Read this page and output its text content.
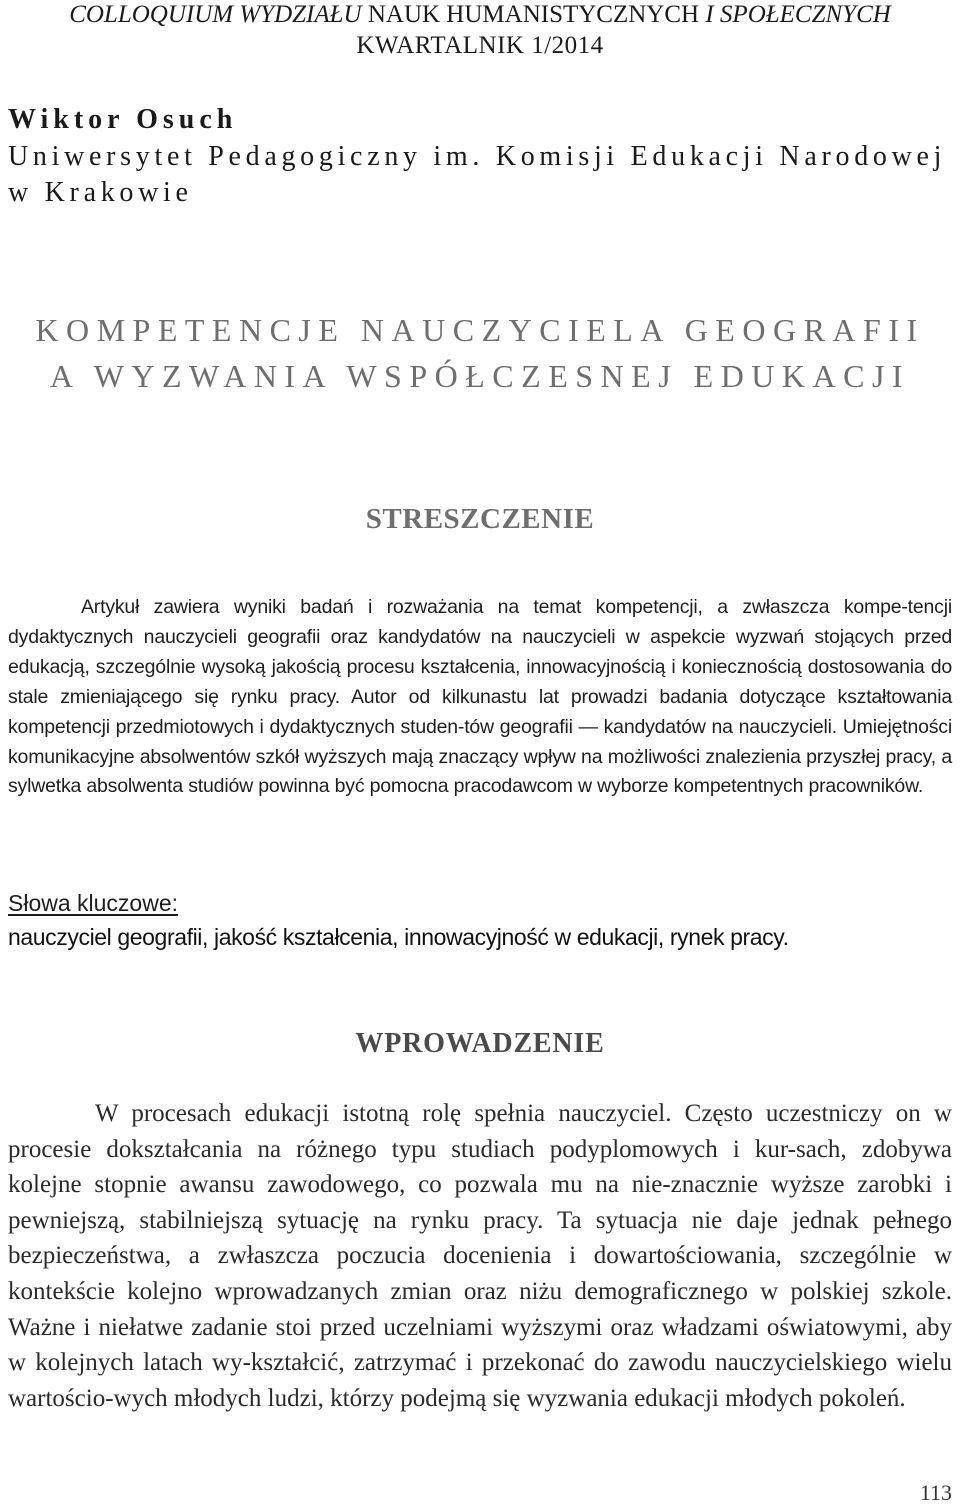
COLLOQUIUM WYDZIAŁU NAUK HUMANISTYCZNYCH I SPOŁECZNYCH
KWARTALNIK 1/2014
Wiktor Osuch
Uniwersytet Pedagogiczny im. Komisji Edukacji Narodowej
w Krakowie
KOMPETENCJE NAUCZYCIELA GEOGRAFII
A WYZWANIA WSPÓŁCZESNEJ EDUKACJI
STRESZCZENIE

Artykuł zawiera wyniki badań i rozważania na temat kompetencji, a zwłaszcza kompe-tencji dydaktycznych nauczycieli geografii oraz kandydatów na nauczycieli w aspekcie wyzwań stojących przed edukacją, szczególnie wysoką jakością procesu kształcenia, innowacyjnością i koniecznością dostosowania do stale zmieniającego się rynku pracy. Autor od kilkunastu lat prowadzi badania dotyczące kształtowania kompetencji przedmiotowych i dydaktycznych studen-tów geografii — kandydatów na nauczycieli. Umiejętności komunikacyjne absolwentów szkół wyższych mają znaczący wpływ na możliwości znalezienia przyszłej pracy, a sylwetka absolwenta studiów powinna być pomocna pracodawcom w wyborze kompetentnych pracowników.

Słowa kluczowe:
nauczyciel geografii, jakość kształcenia, innowacyjność w edukacji, rynek pracy.
WPROWADZENIE

W procesach edukacji istotną rolę spełnia nauczyciel. Często uczestniczy on w procesie dokształcania na różnego typu studiach podyplomowych i kur-sach, zdobywa kolejne stopnie awansu zawodowego, co pozwala mu na nie-znacznie wyższe zarobki i pewniejszą, stabilniejszą sytuację na rynku pracy. Ta sytuacja nie daje jednak pełnego bezpieczeństwa, a zwłaszcza poczucia docenienia i dowartościowania, szczególnie w kontekście kolejno wprowadzanych zmian oraz niżu demograficznego w polskiej szkole. Ważne i niełatwe zadanie stoi przed uczelniami wyższymi oraz władzami oświatowymi, aby w kolejnych latach wy-kształcić, zatrzymać i przekonać do zawodu nauczycielskiego wielu wartościo-wych młodych ludzi, którzy podejmą się wyzwania edukacji młodych pokoleń.

113
